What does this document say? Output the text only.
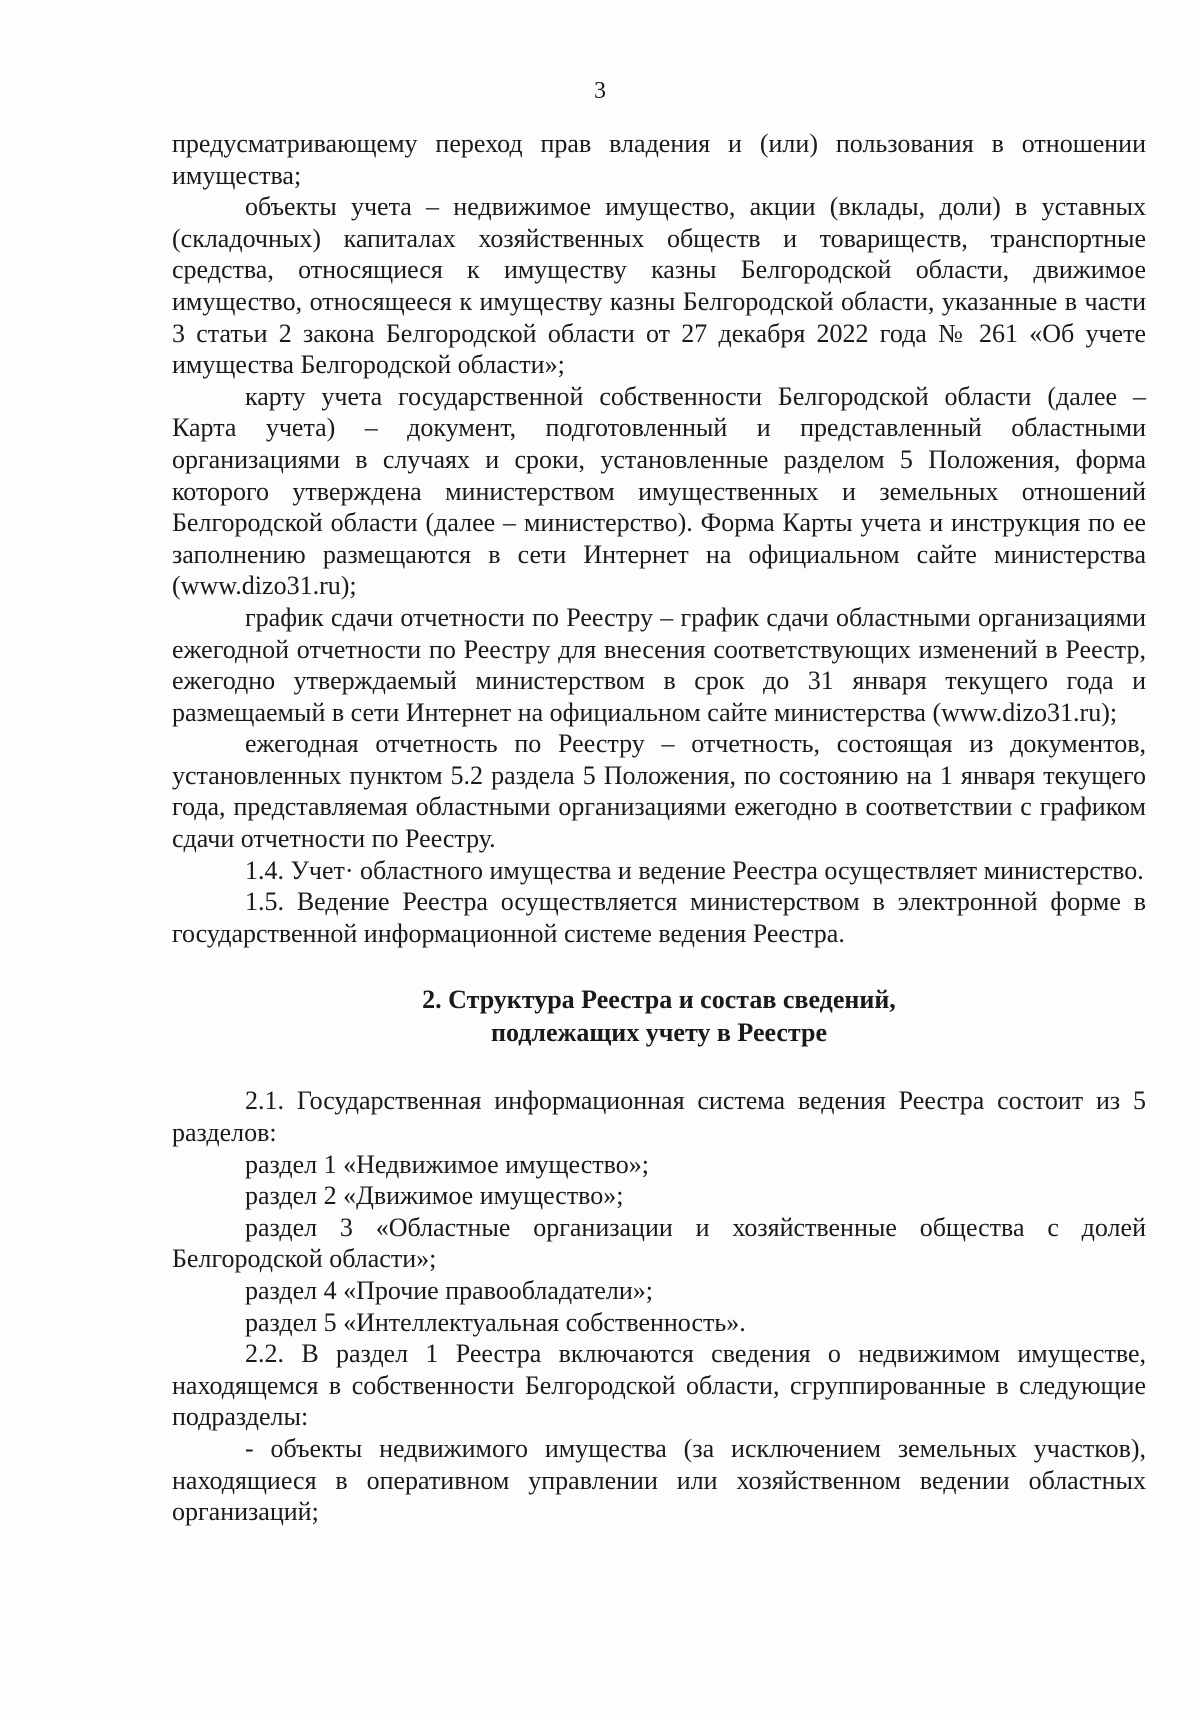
3

предусматривающему переход прав владения и (или) пользования в отношении имущества;

объекты учета – недвижимое имущество, акции (вклады, доли) в уставных (складочных) капиталах хозяйственных обществ и товариществ, транспортные средства, относящиеся к имуществу казны Белгородской области, движимое имущество, относящееся к имуществу казны Белгородской области, указанные в части 3 статьи 2 закона Белгородской области от 27 декабря 2022 года № 261 «Об учете имущества Белгородской области»;

карту учета государственной собственности Белгородской области (далее – Карта учета) – документ, подготовленный и представленный областными организациями в случаях и сроки, установленные разделом 5 Положения, форма которого утверждена министерством имущественных и земельных отношений Белгородской области (далее – министерство). Форма Карты учета и инструкция по ее заполнению размещаются в сети Интернет на официальном сайте министерства (www.dizo31.ru);

график сдачи отчетности по Реестру – график сдачи областными организациями ежегодной отчетности по Реестру для внесения соответствующих изменений в Реестр, ежегодно утверждаемый министерством в срок до 31 января текущего года и размещаемый в сети Интернет на официальном сайте министерства (www.dizo31.ru);

ежегодная отчетность по Реестру – отчетность, состоящая из документов, установленных пунктом 5.2 раздела 5 Положения, по состоянию на 1 января текущего года, представляемая областными организациями ежегодно в соответствии с графиком сдачи отчетности по Реестру.

1.4. Учет· областного имущества и ведение Реестра осуществляет министерство.

1.5. Ведение Реестра осуществляется министерством в электронной форме в государственной информационной системе ведения Реестра.

2. Структура Реестра и состав сведений,
подлежащих учету в Реестре

2.1. Государственная информационная система ведения Реестра состоит из 5 разделов:

раздел 1 «Недвижимое имущество»;

раздел 2 «Движимое имущество»;

раздел 3 «Областные организации и хозяйственные общества с долей Белгородской области»;

раздел 4 «Прочие правообладатели»;

раздел 5 «Интеллектуальная собственность».

2.2. В раздел 1 Реестра включаются сведения о недвижимом имуществе, находящемся в собственности Белгородской области, сгруппированные в следующие подразделы:

- объекты недвижимого имущества (за исключением земельных участков), находящиеся в оперативном управлении или хозяйственном ведении областных организаций;
